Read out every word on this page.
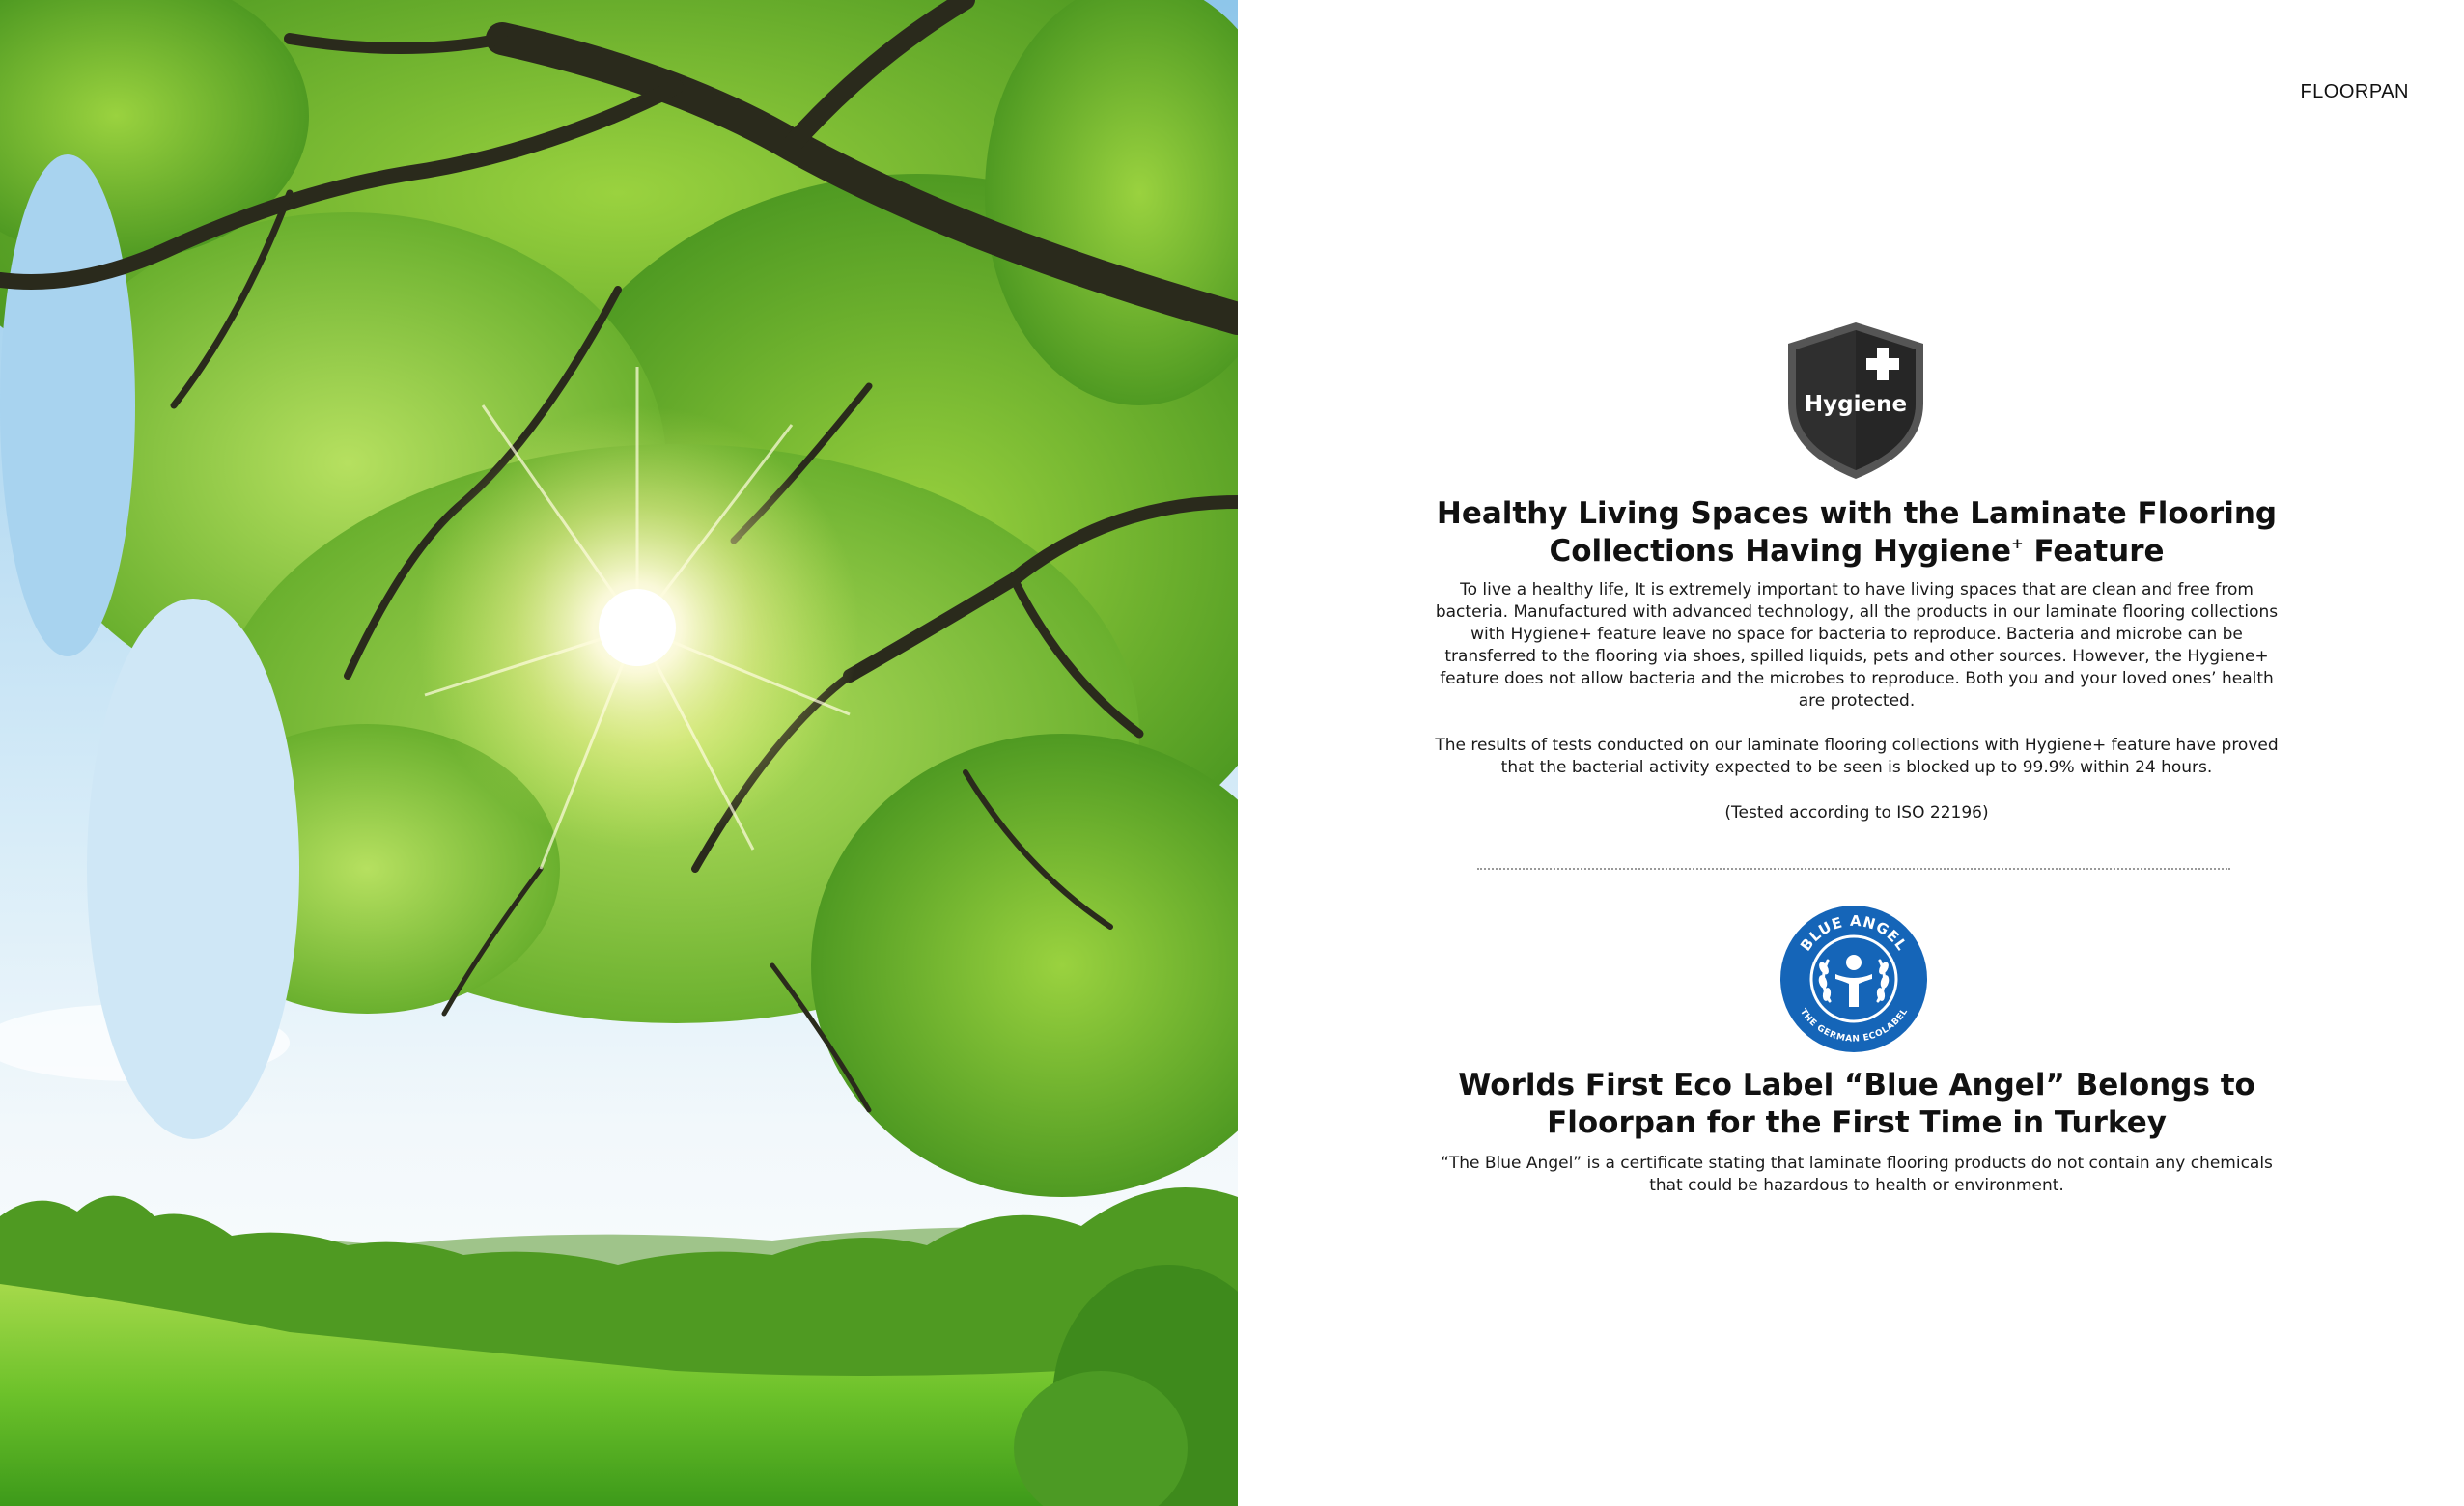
FLOORPAN
Hygiene
Healthy Living Spaces with the Laminate Flooring Collections Having Hygiene+ Feature

To live a healthy life, It is extremely important to have living spaces that are clean and free from bacteria. Manufactured with advanced technology, all the products in our laminate flooring collections with Hygiene+ feature leave no space for bacteria to reproduce. Bacteria and microbe can be transferred to the flooring via shoes, spilled liquids, pets and other sources. However, the Hygiene+ feature does not allow bacteria and the microbes to reproduce. Both you and your loved ones’ health are protected.

The results of tests conducted on our laminate flooring collections with Hygiene+ feature have proved that the bacterial activity expected to be seen is blocked up to 99.9% within 24 hours.

(Tested according to ISO 22196)

BLUE ANGEL
THE GERMAN ECOLABEL
Worlds First Eco Label “Blue Angel” Belongs to Floorpan for the First Time in Turkey

“The Blue Angel” is a certificate stating that laminate flooring products do not contain any chemicals that could be hazardous to health or environment.
